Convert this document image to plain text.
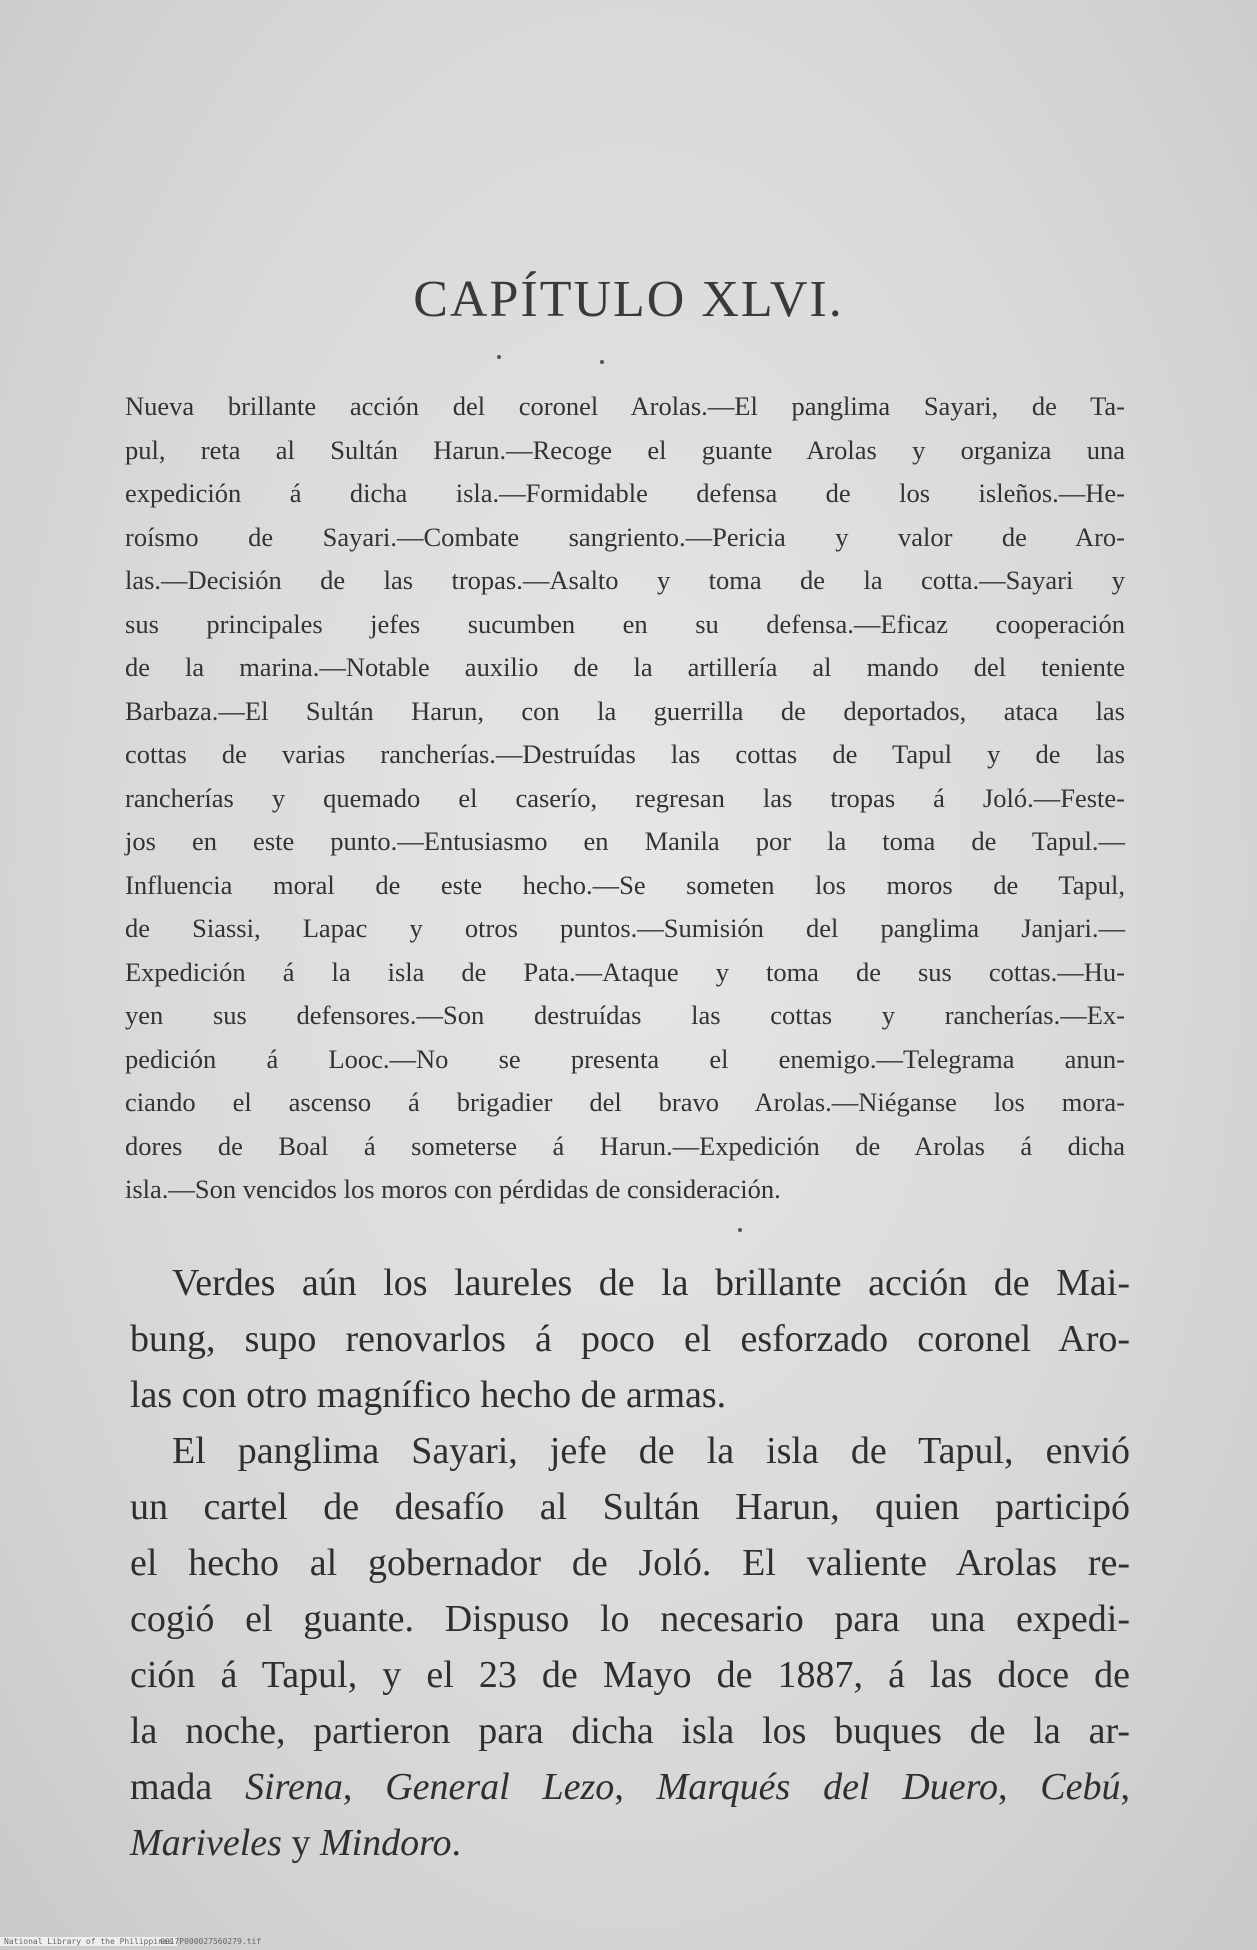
CAPÍTULO XLVI.
Nueva brillante acción del coronel Arolas.—El panglima Sayari, de Ta-
pul, reta al Sultán Harun.—Recoge el guante Arolas y organiza una
expedición á dicha isla.—Formidable defensa de los isleños.—He-
roísmo de Sayari.—Combate sangriento.—Pericia y valor de Aro-
las.—Decisión de las tropas.—Asalto y toma de la cotta.—Sayari y
sus principales jefes sucumben en su defensa.—Eficaz cooperación
de la marina.—Notable auxilio de la artillería al mando del teniente
Barbaza.—El Sultán Harun, con la guerrilla de deportados, ataca las
cottas de varias rancherías.—Destruídas las cottas de Tapul y de las
rancherías y quemado el caserío, regresan las tropas á Joló.—Feste-
jos en este punto.—Entusiasmo en Manila por la toma de Tapul.—
Influencia moral de este hecho.—Se someten los moros de Tapul,
de Siassi, Lapac y otros puntos.—Sumisión del panglima Janjari.—
Expedición á la isla de Pata.—Ataque y toma de sus cottas.—Hu-
yen sus defensores.—Son destruídas las cottas y rancherías.—Ex-
pedición á Looc.—No se presenta el enemigo.—Telegrama anun-
ciando el ascenso á brigadier del bravo Arolas.—Niéganse los mora-
dores de Boal á someterse á Harun.—Expedición de Arolas á dicha
isla.—Son vencidos los moros con pérdidas de consideración.
Verdes aún los laureles de la brillante acción de Mai-
bung, supo renovarlos á poco el esforzado coronel Aro-
las con otro magnífico hecho de armas.
El panglima Sayari, jefe de la isla de Tapul, envió
un cartel de desafío al Sultán Harun, quien participó
el hecho al gobernador de Joló. El valiente Arolas re-
cogió el guante. Dispuso lo necesario para una expedi-
ción á Tapul, y el 23 de Mayo de 1887, á las doce de
la noche, partieron para dicha isla los buques de la ar-
mada Sirena, General Lezo, Marqués del Duero, Cebú,
Mariveles y Mindoro.
National Library of the Philippines
0017P000027560279.tif
